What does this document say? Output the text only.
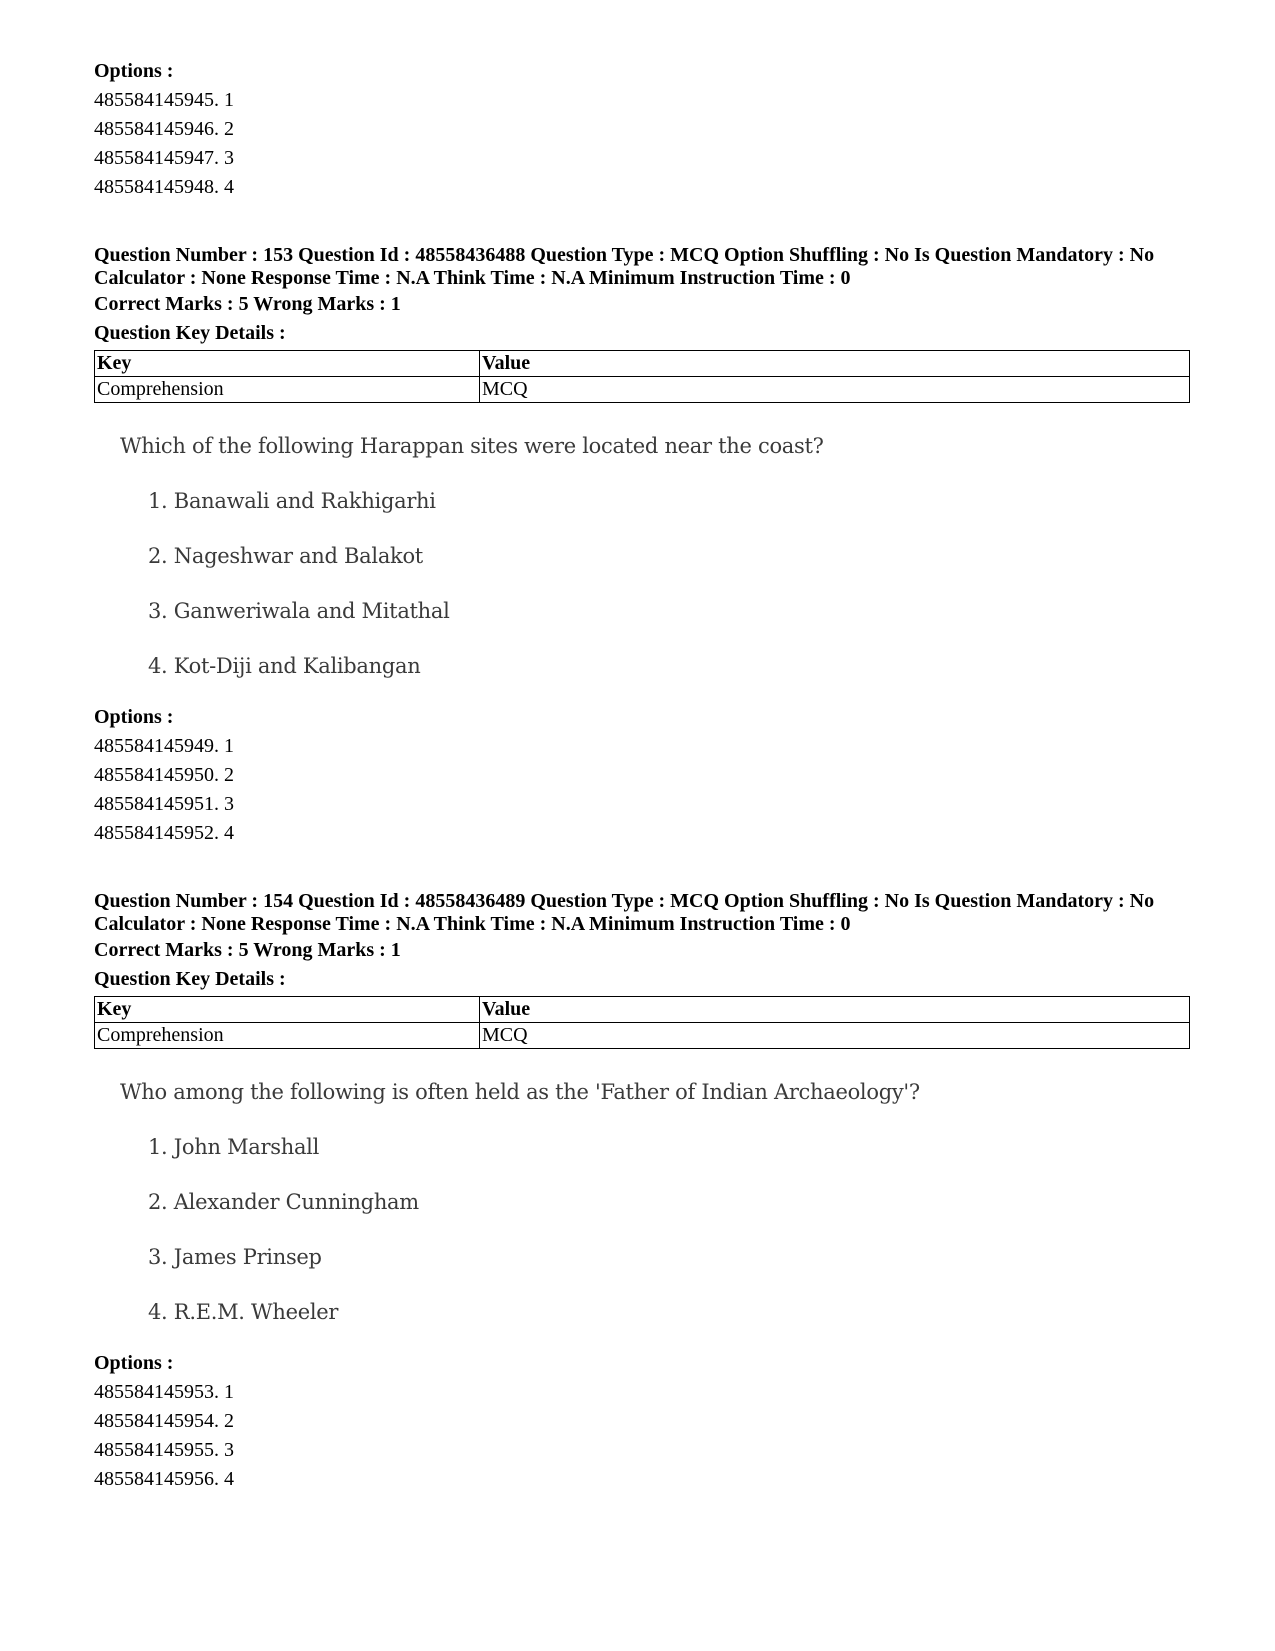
Options :
485584145945. 1
485584145946. 2
485584145947. 3
485584145948. 4
Question Number : 153 Question Id : 48558436488 Question Type : MCQ Option Shuffling : No Is Question Mandatory : No Calculator : None Response Time : N.A Think Time : N.A Minimum Instruction Time : 0
Correct Marks : 5 Wrong Marks : 1
Question Key Details :
Key	Value
Comprehension	MCQ
Which of the following Harappan sites were located near the coast?
1. Banawali and Rakhigarhi
2. Nageshwar and Balakot
3. Ganweriwala and Mitathal
4. Kot-Diji and Kalibangan
Options :
485584145949. 1
485584145950. 2
485584145951. 3
485584145952. 4
Question Number : 154 Question Id : 48558436489 Question Type : MCQ Option Shuffling : No Is Question Mandatory : No Calculator : None Response Time : N.A Think Time : N.A Minimum Instruction Time : 0
Correct Marks : 5 Wrong Marks : 1
Question Key Details :
Key	Value
Comprehension	MCQ
Who among the following is often held as the 'Father of Indian Archaeology'?
1. John Marshall
2. Alexander Cunningham
3. James Prinsep
4. R.E.M. Wheeler
Options :
485584145953. 1
485584145954. 2
485584145955. 3
485584145956. 4
